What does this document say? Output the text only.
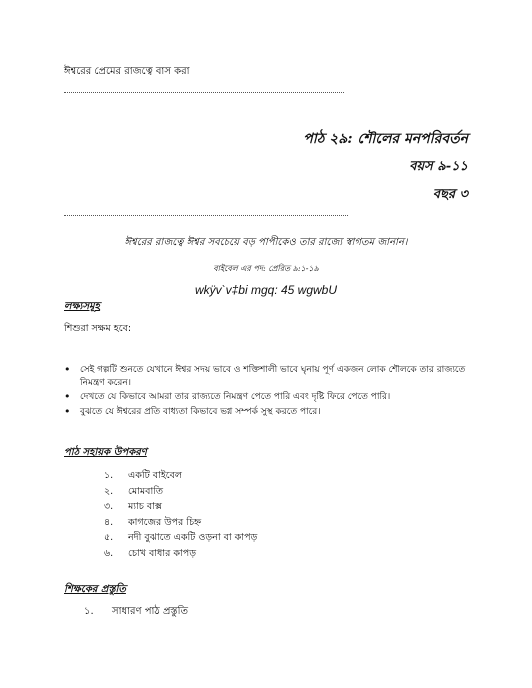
ঈশ্বরের প্রেমের রাজত্বে বাস করা
পাঠ ২৯: শৌলের মনপরিবর্তন
বয়স ৯-১১
বছর ৩
ঈশ্বরের রাজত্বে ঈশ্বর সবচেয়ে বড় পাপীকেও তার রাজ্যে স্বাগতম জানান।
বাইবেল এর পদ: প্রেরিত ৯:১-১৯
wkÿv`v‡bi mgq: 45 wgwbU
লক্ষ্যসমূহ
শিশুরা সক্ষম হবে:
• সেই গল্পটি শুনতে যেখানে ঈশ্বর সদয় ভাবে ও শক্তিশালী ভাবে ঘৃনায় পূর্ণ একজন লোক শৌলকে তার রাজ্যতে নিমন্ত্রণ করেন।
• দেখতে যে কিভাবে আমরা তার রাজ্যতে নিমন্ত্রণ পেতে পারি এবং দৃষ্টি ফিরে পেতে পারি।
• বুঝতে যে ঈশ্বরের প্রতি বাধ্যতা কিভাবে ভগ্ন সম্পর্ক সুস্থ করতে পারে।
পাঠ সহায়ক উপকরণ
১. একটি বাইবেল
২. মোমবাতি
৩. ম্যাচ বাক্স
৪. কাগজের উপর চিহ্ন
৫. নদী বুঝাতে একটি ওড়না বা কাপড়
৬. চোখ বাধার কাপড়
শিক্ষকের প্রস্তুতি
১. সাধারণ পাঠ প্রস্তুতি
